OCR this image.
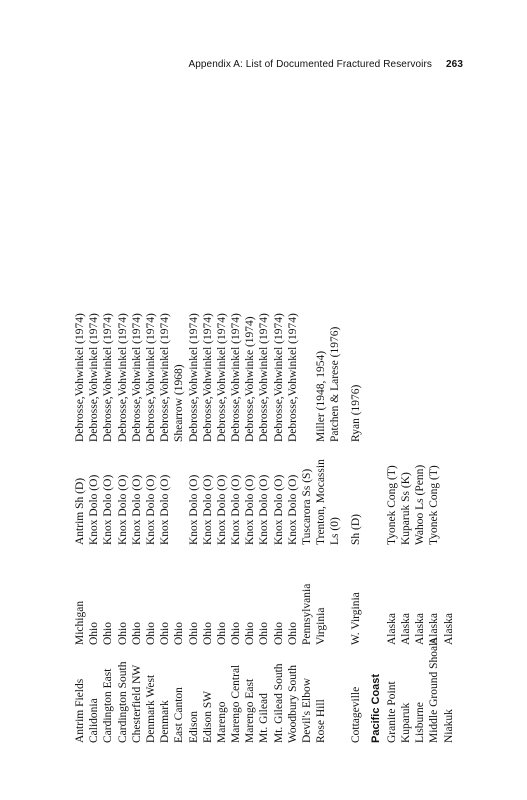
Appendix A: List of Documented Fractured Reservoirs 263
Antrim Fields
Michigan
Antrim Sh (D)
Debrosse,Vohwinkel (1974)
Calidonia
Ohio
Knox Dolo (O)
Debrosse,Vohwinkel (1974)
Cardington East
Ohio
Knox Dolo (O)
Debrosse,Vohwinkel (1974)
Cardington South
Ohio
Knox Dolo (O)
Debrosse,Vohwinkel (1974)
Chesterfield NW
Ohio
Knox Dolo (O)
Debrosse,Vohwinkel (1974)
Denmark West
Ohio
Knox Dolo (O)
Debrosse,Vohwinkel (1974)
Denmark
Ohio
Knox Dolo (O)
Debrosse,Vohwinkel (1974)
East Canton
Ohio
Shearrow (1968)
Edison
Ohio
Knox Dolo (O)
Debrosse,Vohwinkel (1974)
Edison SW
Ohio
Knox Dolo (O)
Debrosse,Vohwinkel (1974)
Marengo
Ohio
Knox Dolo (O)
Debrosse,Vohwinkel (1974)
Marengo Central
Ohio
Knox Dolo (O)
Debrosse,Vohwinkel (1974)
Marengo East
Ohio
Knox Dolo (O)
Debrosse,Vohwinke (1974)
Mt. Gilead
Ohio
Knox Dolo (O)
Debrosse,Vohwinkel (1974)
Mt. Gilead South
Ohio
Knox Dolo (O)
Debrosse,Vohwinkel (1974)
Woodbury South
Ohio
Knox Dolo (O)
Debrosse,Vohwinkel (1974)
Devil's Elbow
Pennsylvania
Tuscarora Ss (S)
Rose Hill
Virginia
Trenton, Mocassin Ls (0)
Miller (1948, 1954) Patchen & Larese (1976)
Cottageville
W. Virginia
Sh (D)
Ryan (1976)
Pacific Coast Granite Point
Alaska
Tyonek Cong (T)
Kuparuk
Alaska
Kuparuk Ss (K)
Lisburne
Alaska
Wahoo Ls (Penn)
Middle Ground Shoals
Alaska
Tyonek Cong (T)
Niakuk
Alaska
